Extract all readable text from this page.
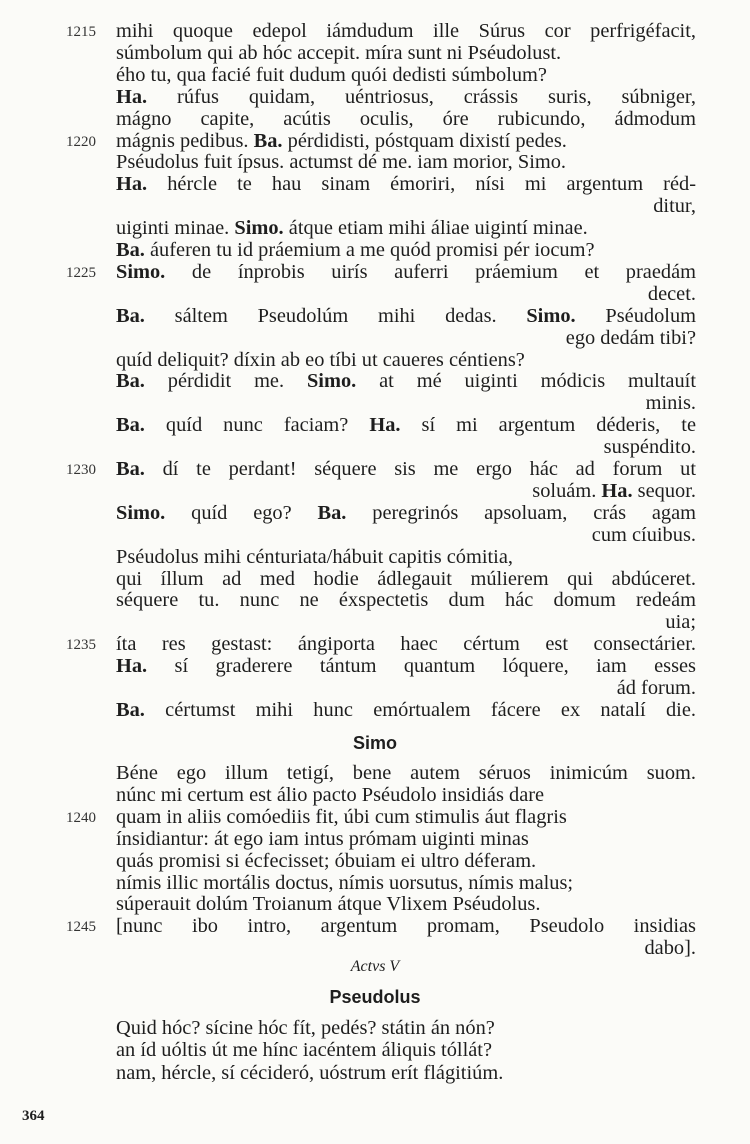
1215 mihi quoque edepol iámdudum ille Súrus cor perfrigéfacit,
súmbolum qui ab hóc accepit. míra sunt ni Pséudolust.
ého tu, qua facié fuit dudum quói dedisti súmbolum?
Ha. rúfus quidam, uéntriosus, crássis suris, súbniger,
mágno capite, acútis oculis, óre rubicundo, ádmodum
1220 mágnis pedibus. Ba. pérdidisti, póstquam dixistí pedes.
Pséudolus fuit ípsus. actumst dé me. iam morior, Simo.
Ha. hércle te hau sinam émoriri, nísi mi argentum réd-
ditur,
uiginti minae. Simo. átque etiam mihi áliae uigintí minae.
Ba. áuferen tu id práemium a me quód promisi pér iocum?
1225 Simo. de ínprobis uirís auferri práemium et praedám
decet.
Ba. sáltem Pseudolúm mihi dedas. Simo. Pséudolum
ego dedám tibi?
quíd deliquit? díxin ab eo tíbi ut caueres céntiens?
Ba. pérdidit me. Simo. at mé uiginti módicis multauít
minis.
Ba. quíd nunc faciam? Ha. sí mi argentum déderis, te
suspéndito.
1230 Ba. dí te perdant! séquere sis me ergo hác ad forum ut
soluám. Ha. sequor.
Simo. quíd ego? Ba. peregrinós apsoluam, crás agam
cum cíuibus.
Pséudolus mihi cénturiata/hábuit capitis cómitia,
qui íllum ad med hodie ádlegauit múlierem qui abdúceret.
séquere tu. nunc ne éxspectetis dum hác domum redeám
uia;
1235 íta res gestast: ángiporta haec cértum est consectárier.
Ha. sí graderere tántum quantum lóquere, iam esses
ád forum.
Ba. cértumst mihi hunc emórtualem fácere ex natalí die.
Simo
Béne ego illum tetigí, bene autem séruos inimicúm suom.
núnc mi certum est álio pacto Pséudolo insidiás dare
1240 quam in aliis comóediis fit, úbi cum stimulis áut flagris
ínsidiantur: át ego iam intus prómam uiginti minas
quás promisi si écfecisset; óbuiam ei ultro déferam.
nímis illic mortális doctus, nímis uorsutus, nímis malus;
súperauit dolúm Troianum átque Vlixem Pséudolus.
1245 [nunc ibo intro, argentum promam, Pseudolo insidias
dabo].
Actvs V
Pseudolus
Quid hóc? sícine hóc fít, pedés? státin án nón?
an íd uóltis út me hínc iacéntem áliquis tóllát?
nam, hércle, sí cécideró, uóstrum erít flágitiúm.
364
